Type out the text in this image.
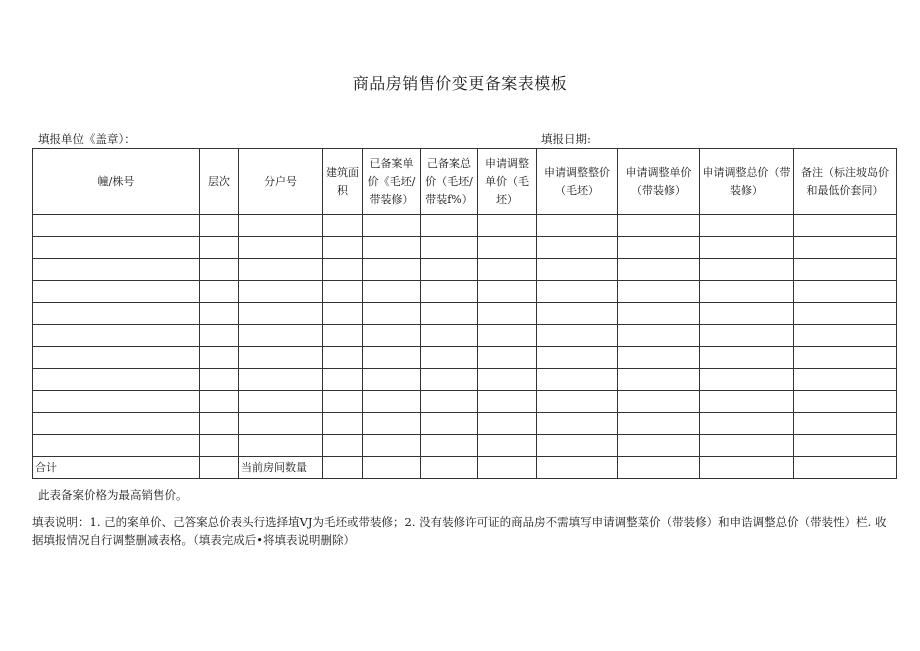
商品房销售价变更备案表模板
填报单位《盖章）：	填报日期:
幢/株号	层次	分户号	建筑面积	已备案单价《毛坯/带装修）	己备案总价（毛坯/带装f%）	申请调整单价（毛坯）	申请调整整价（毛坯）	申请调整单价（带装修）	申请调整总价（带装修）	备注（标注坡岛价和最低价套同）

合计		当前房间数量								
此表备案价格为最高销售价。
填表说明：1. 己的案单价、己答案总价表头行选择埴VJ为毛坯或带装修；2. 没有装修许可证的商品房不需填写申请调整菜价（带装修）和申诰调整总价（带装性）栏. 收据填报情况自行调整删减表格。（填表完成后•将填表说明删除）
